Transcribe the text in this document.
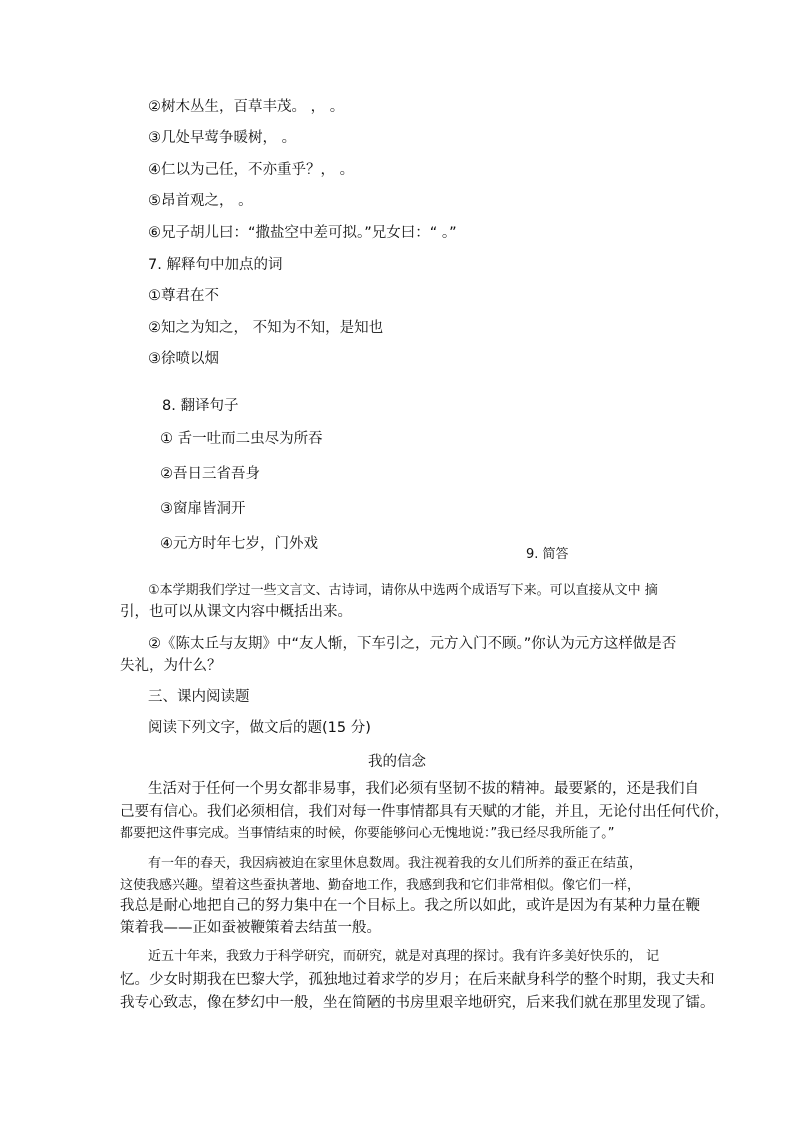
②树木丛生，百草丰茂。 ， 。
③几处早莺争暖树， 。
④仁以为己任，不亦重乎？， 。
⑤昂首观之， 。
⑥兄子胡儿曰：“撒盐空中差可拟。”兄女曰：“ 。”
7. 解释句中加点的词
①尊君在不
②知之为知之， 不知为不知，是知也
③徐喷以烟
8. 翻译句子
① 舌一吐而二虫尽为所吞
②吾日三省吾身
③窗扉皆洞开
④元方时年七岁，门外戏
9. 简答
①本学期我们学过一些文言文、古诗词，请你从中选两个成语写下来。可以直接从文中 摘
引，也可以从课文内容中概括出来。
②《陈太丘与友期》中“友人惭，下车引之，元方入门不顾。”你认为元方这样做是否
失礼，为什么？
三、课内阅读题
阅读下列文字，做文后的题(15 分)
我的信念
生活对于任何一个男女都非易事，我们必须有坚韧不拔的精神。最要紧的，还是我们自
己要有信心。我们必须相信，我们对每一件事情都具有天赋的才能，并且，无论付出任何代价，
都要把这件事完成。当事情结束的时候，你要能够问心无愧地说：”我已经尽我所能了。”
有一年的春天，我因病被迫在家里休息数周。我注视着我的女儿们所养的蚕正在结茧，
这使我感兴趣。望着这些蚕执著地、勤奋地工作，我感到我和它们非常相似。像它们一样，
我总是耐心地把自己的努力集中在一个目标上。我之所以如此，或许是因为有某种力量在鞭
策着我——正如蚕被鞭策着去结茧一般。
近五十年来，我致力于科学研究，而研究，就是对真理的探讨。我有许多美好快乐的， 记
忆。少女时期我在巴黎大学，孤独地过着求学的岁月；在后来献身科学的整个时期，我丈夫和
我专心致志，像在梦幻中一般，坐在简陋的书房里艰辛地研究，后来我们就在那里发现了镭。
